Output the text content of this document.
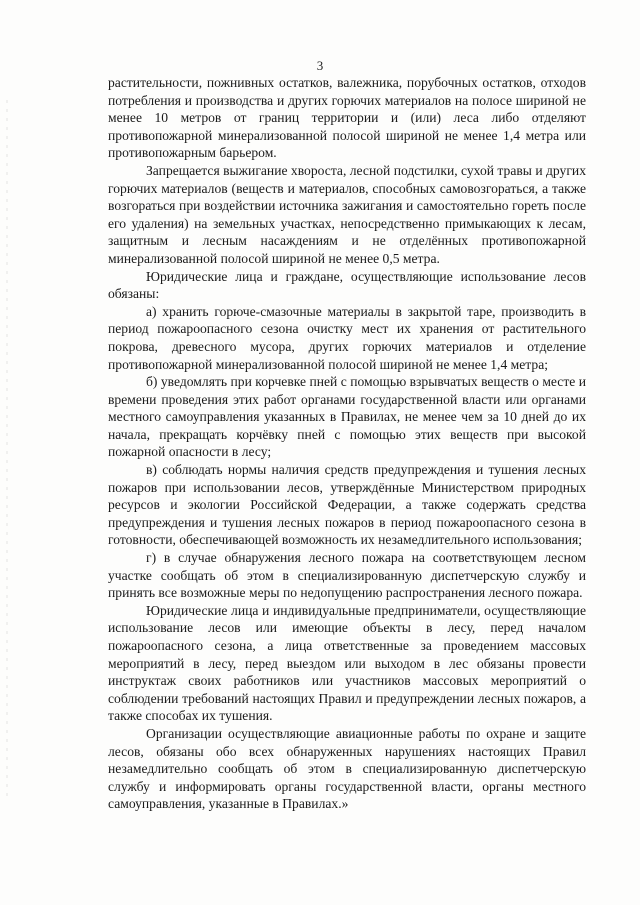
3

растительности, пожнивных остатков, валежника, порубочных остатков, отходов потребления и производства и других горючих материалов на полосе шириной не менее 10 метров от границ территории и (или) леса либо отделяют противопожарной минерализованной полосой шириной не менее 1,4 метра или противопожарным барьером.

Запрещается выжигание хвороста, лесной подстилки, сухой травы и других горючих материалов (веществ и материалов, способных самовозгораться, а также возгораться при воздействии источника зажигания и самостоятельно гореть после его удаления) на земельных участках, непосредственно примыкающих к лесам, защитным и лесным насаждениям и не отделённых противопожарной минерализованной полосой шириной не менее 0,5 метра.

Юридические лица и граждане, осуществляющие использование лесов обязаны:

а) хранить горюче-смазочные материалы в закрытой таре, производить в период пожароопасного сезона очистку мест их хранения от растительного покрова, древесного мусора, других горючих материалов и отделение противопожарной минерализованной полосой шириной не менее 1,4 метра;

б) уведомлять при корчевке пней с помощью взрывчатых веществ о месте и времени проведения этих работ органами государственной власти или органами местного самоуправления указанных в Правилах, не менее чем за 10 дней до их начала, прекращать корчёвку пней с помощью этих веществ при высокой пожарной опасности в лесу;

в) соблюдать нормы наличия средств предупреждения и тушения лесных пожаров при использовании лесов, утверждённые Министерством природных ресурсов и экологии Российской Федерации, а также содержать средства предупреждения и тушения лесных пожаров в период пожароопасного сезона в готовности, обеспечивающей возможность их незамедлительного использования;

г) в случае обнаружения лесного пожара на соответствующем лесном участке сообщать об этом в специализированную диспетчерскую службу и принять все возможные меры по недопущению распространения лесного пожара.

Юридические лица и индивидуальные предприниматели, осуществляющие использование лесов или имеющие объекты в лесу, перед началом пожароопасного сезона, а лица ответственные за проведением массовых мероприятий в лесу, перед выездом или выходом в лес обязаны провести инструктаж своих работников или участников массовых мероприятий о соблюдении требований настоящих Правил и предупреждении лесных пожаров, а также способах их тушения.

Организации осуществляющие авиационные работы по охране и защите лесов, обязаны обо всех обнаруженных нарушениях настоящих Правил незамедлительно сообщать об этом в специализированную диспетчерскую службу и информировать органы государственной власти, органы местного самоуправления, указанные в Правилах.»
